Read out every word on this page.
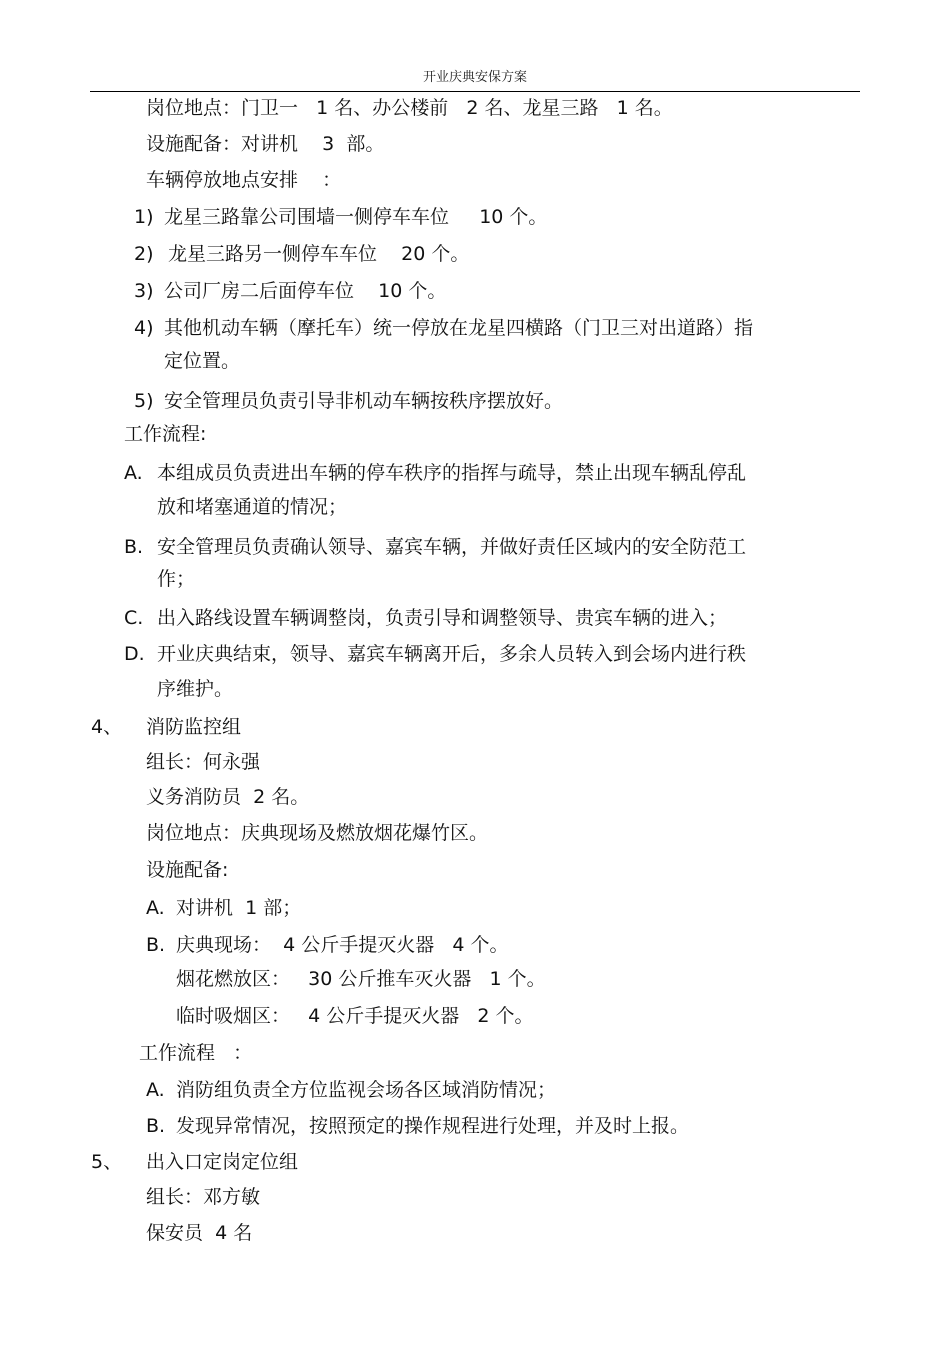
开业庆典安保方案
岗位地点：门卫一   1 名、办公楼前   2 名、龙星三路   1 名。
设施配备：对讲机    3  部。
车辆停放地点安排    ：
1) 龙星三路靠公司围墙一侧停车车位     10 个。
2) 龙星三路另一侧停车车位    20 个。
3) 公司厂房二后面停车位    10 个。
4) 其他机动车辆（摩托车）统一停放在龙星四横路（门卫三对出道路）指
定位置。
5) 安全管理员负责引导非机动车辆按秩序摆放好。
工作流程:
A. 本组成员负责进出车辆的停车秩序的指挥与疏导，禁止出现车辆乱停乱
放和堵塞通道的情况；
B. 安全管理员负责确认领导、嘉宾车辆，并做好责任区域内的安全防范工
作；
C. 出入路线设置车辆调整岗，负责引导和调整领导、贵宾车辆的进入；
D. 开业庆典结束，领导、嘉宾车辆离开后，多余人员转入到会场内进行秩
序维护。
4、 消防监控组
组长：何永强
义务消防员  2 名。
岗位地点：庆典现场及燃放烟花爆竹区。
设施配备:
A. 对讲机  1 部；
B. 庆典现场：  4 公斤手提灭火器   4 个。
烟花燃放区：   30 公斤推车灭火器   1 个。
临时吸烟区：   4 公斤手提灭火器   2 个。
工作流程   ：
A. 消防组负责全方位监视会场各区域消防情况；
B. 发现异常情况，按照预定的操作规程进行处理，并及时上报。
5、 出入口定岗定位组
组长：邓方敏
保安员  4 名
